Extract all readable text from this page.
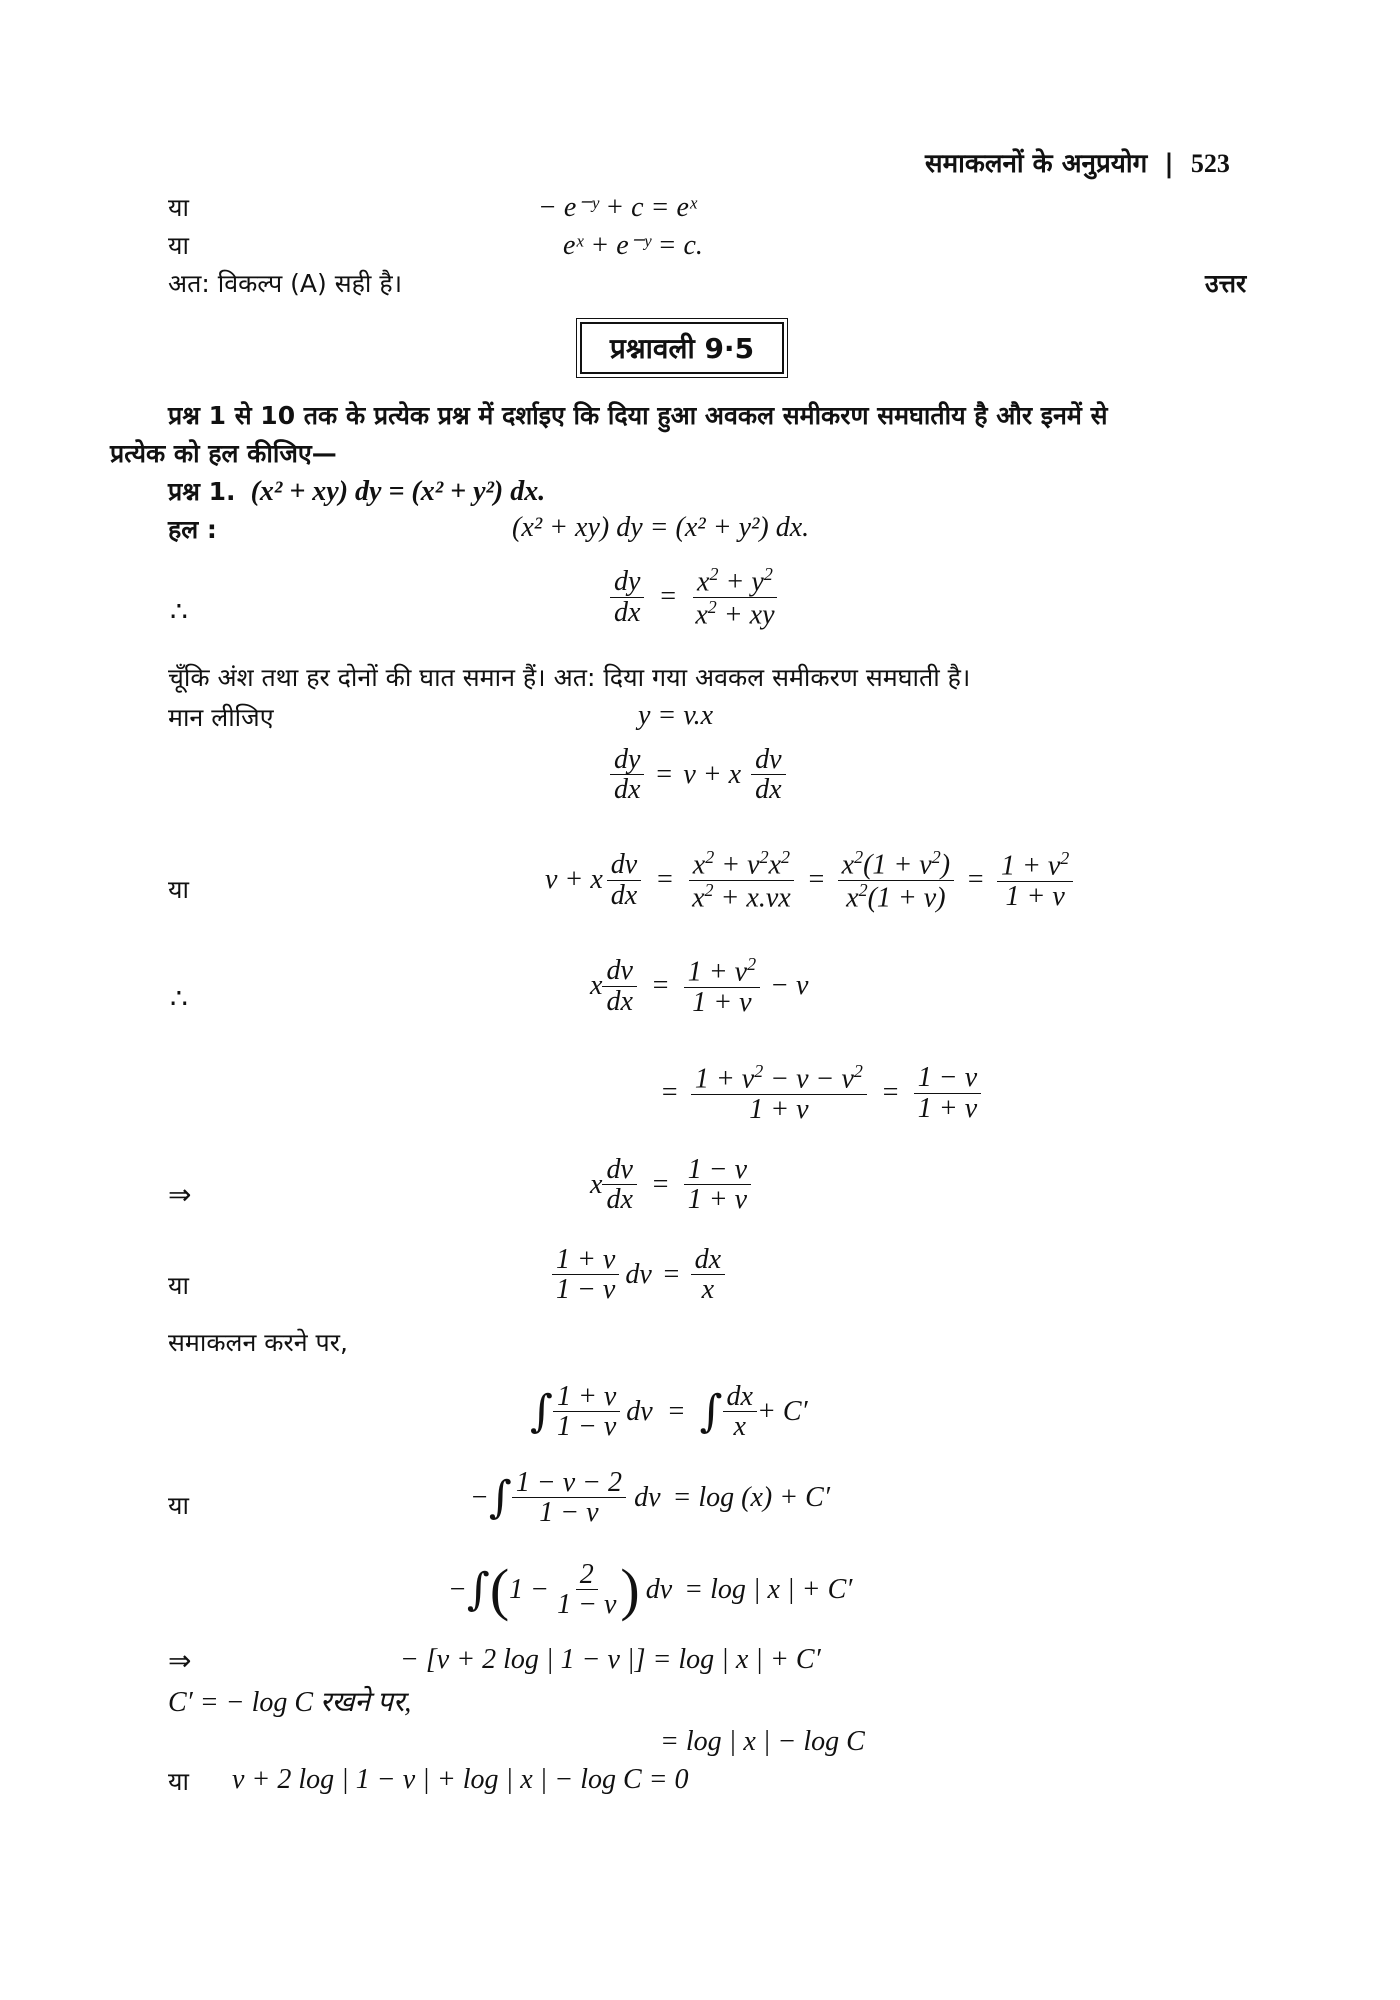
समाकलनों के अनुप्रयोग | 523
या	− e⁻ʸ + c = eˣ
या	eˣ + e⁻ʸ = c.
अत: विकल्प (A) सही है।	उत्तर
प्रश्नावली 9·5
प्रश्न 1 से 10 तक के प्रत्येक प्रश्न में दर्शाइए कि दिया हुआ अवकल समीकरण समघातीय है और इनमें से
प्रत्येक को हल कीजिए—
प्रश्न 1. (x² + xy) dy = (x² + y²) dx.
हल :	(x² + xy) dy = (x² + y²) dx.
∴	$\frac{dy}{dx} = \frac{x^2 + y^2}{x^2 + xy}$
चूँकि अंश तथा हर दोनों की घात समान हैं। अत: दिया गया अवकल समीकरण समघाती है।
मान लीजिए	y = v.x
$\frac{dy}{dx} = v + x \frac{dv}{dx}$
या	v + x $\frac{dv}{dx} = \frac{x^2 + v^2x^2}{x^2 + x.vx} = \frac{x^2(1 + v^2)}{x^2(1 + v)} = \frac{1 + v^2}{1 + v}$
∴	x $\frac{dv}{dx} = \frac{1 + v^2}{1 + v} - v$
= $\frac{1 + v^2 - v - v^2}{1 + v} = \frac{1 - v}{1 + v}$
⇒	x $\frac{dv}{dx} = \frac{1 - v}{1 + v}$
या	$\frac{1 + v}{1 - v}$ dv = $\frac{dx}{x}$
समाकलन करने पर,
∫ $\frac{1 + v}{1 - v}$ dv = ∫ $\frac{dx}{x} + C'$
या	− ∫ $\frac{1 - v - 2}{1 - v}$ dv = log (x) + C′
− ∫ ( $1 - \frac{2}{1 - v}$ ) dv = log | x | + C′
⇒	− [v + 2 log | 1 − v |] = log | x | + C′
C′ = − log C रखने पर,
= log | x | − log C
या v + 2 log | 1 − v | + log | x | − log C = 0
